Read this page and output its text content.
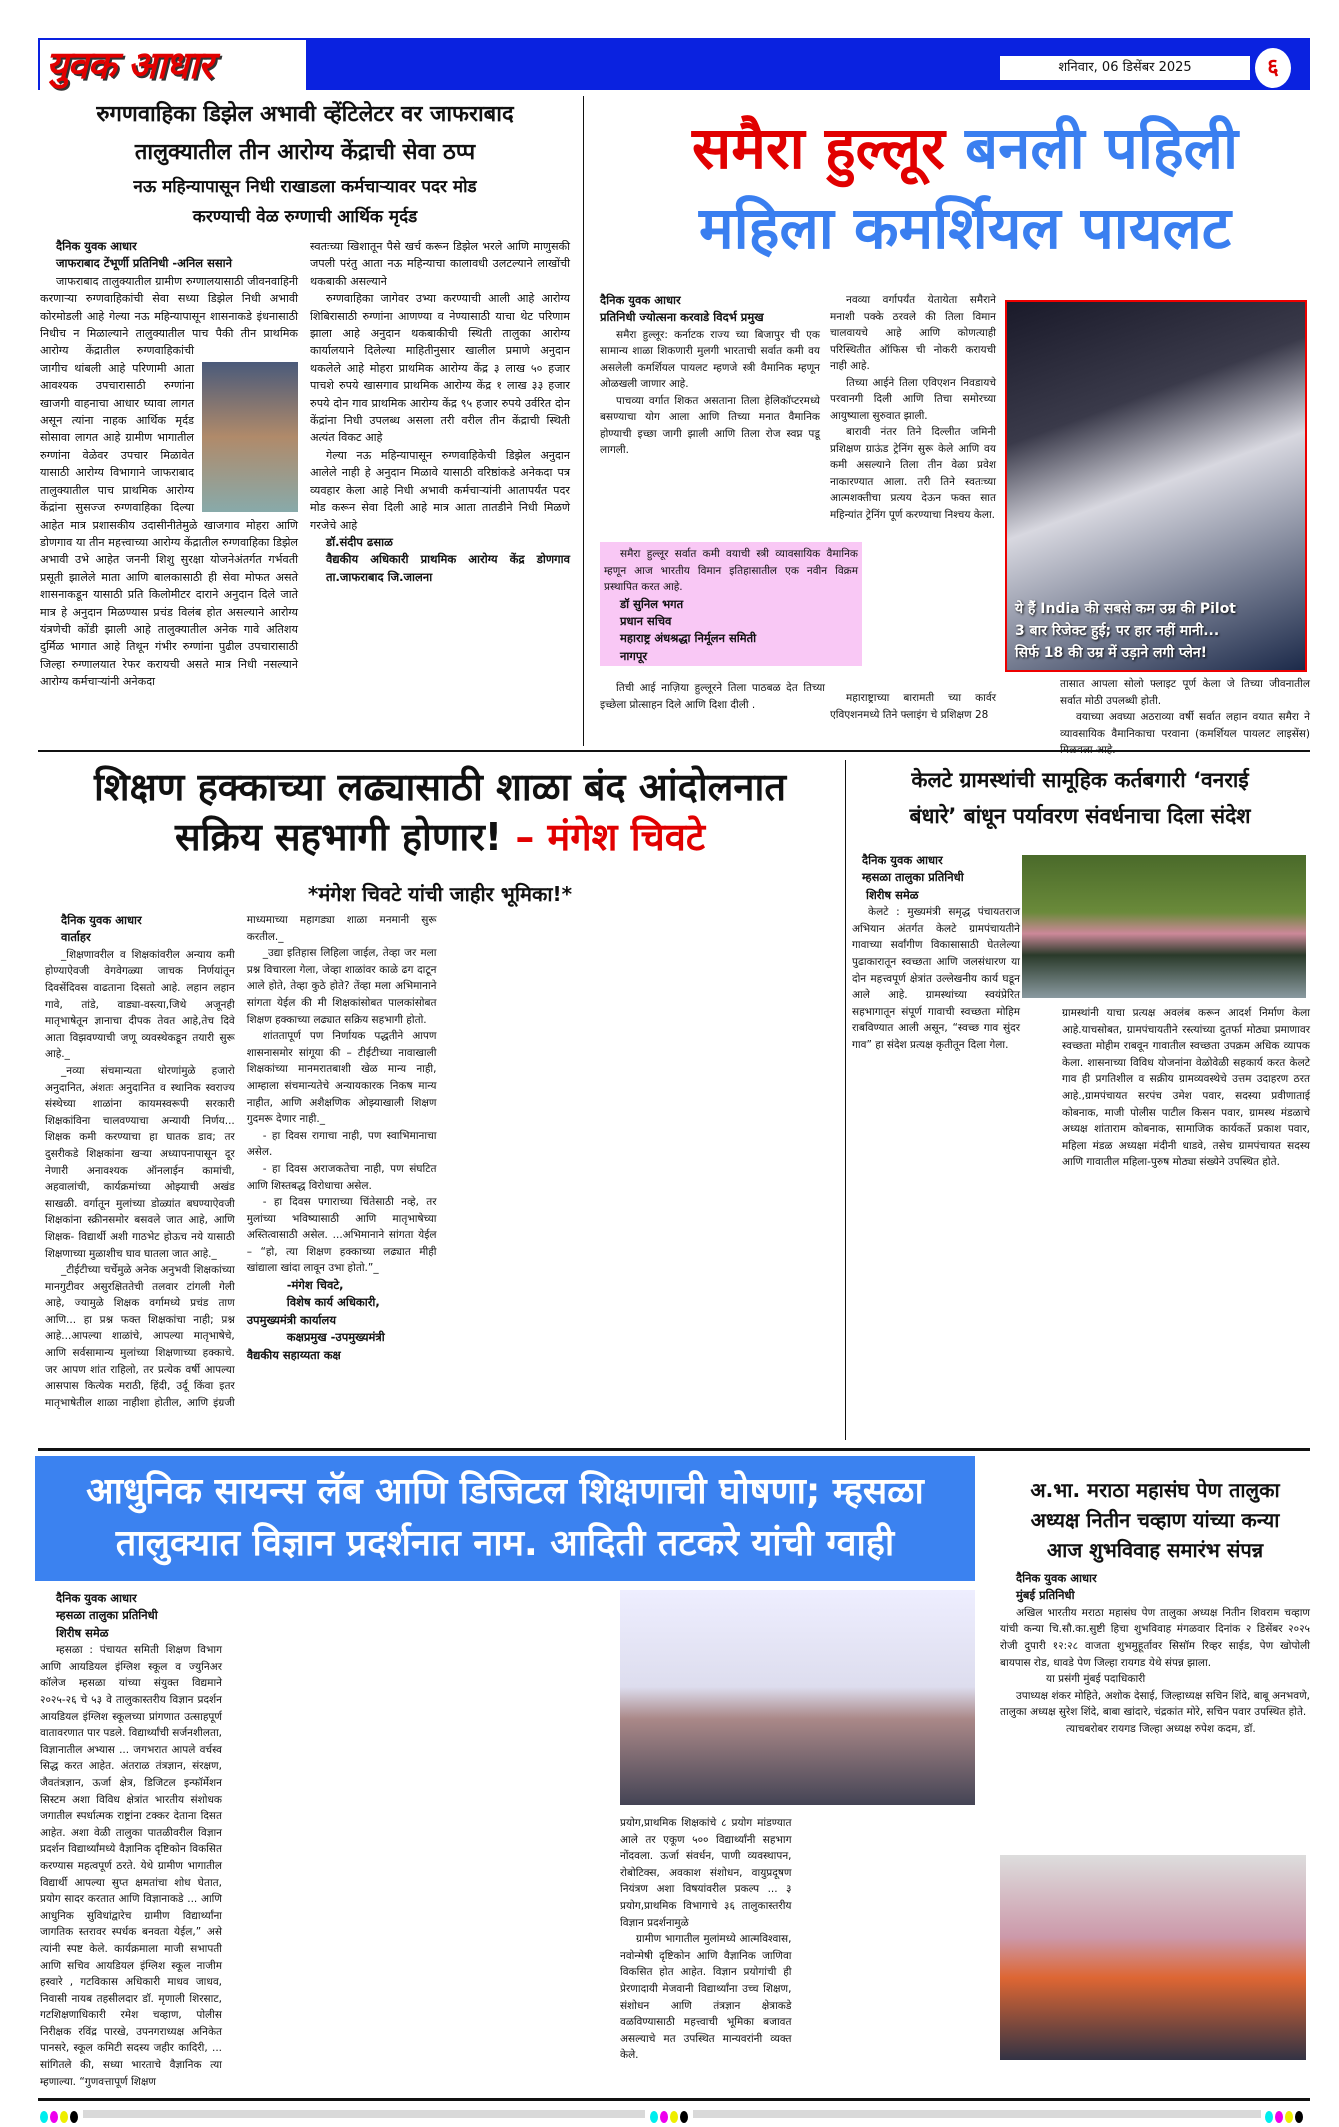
युवक आधार	शनिवार, 06 डिसेंबर 2025	६
रुगणवाहिका डिझेल अभावी व्हेंटिलेटर वर जाफराबाद
तालुक्यातील तीन आरोग्य केंद्राची सेवा ठप्प
नऊ महिन्यापासून निधी राखाडला कर्मचाऱ्यावर पदर मोड
करण्याची वेळ रुग्णाची आर्थिक मृर्दड
दैनिक युवक आधार
जाफराबाद टेंभूर्णी प्रतिनिधी -अनिल ससाने

जाफराबाद तालुक्यातील ग्रामीण रुग्णालयासाठी जीवनवाहिनी करणाऱ्या रुग्णवाहिकांची सेवा सध्या डिझेल निधी अभावी कोरमोडली आहे गेल्या नऊ महिन्यापासून शासनाकडे इंधनासाठी निधीच न मिळाल्याने तालुक्यातील पाच पैकी तीन प्राथमिक आरोग्य केंद्रातील रुग्णवाहिकांची जागीच थांबली आहे परिणामी आता आवश्यक उपचारासाठी रुग्णांना खाजगी वाहनाचा आधार घ्यावा लागत असून त्यांना नाहक आर्थिक मृर्दड सोसावा लागत आहे ग्रामीण भागातील रुग्णांना वेळेवर उपचार मिळावेत यासाठी आरोग्य विभागाने जाफराबाद तालुक्यातील पाच प्राथमिक आरोग्य केंद्रांना सुसज्ज रुग्णवाहिका दिल्या आहेत मात्र प्रशासकीय उदासीनीतेमुळे खाजगाव मोहरा आणि डोणगाव या तीन महत्त्वाच्या आरोग्य केंद्रातील रुग्णवाहिका डिझेल अभावी उभे आहेत जननी शिशु सुरक्षा योजनेअंतर्गत गर्भवती प्रसूती झालेले माता आणि बालकासाठी ही सेवा मोफत असते शासनाकडून यासाठी प्रति किलोमीटर दाराने अनुदान दिले जाते मात्र हे अनुदान मिळण्यास प्रचंड विलंब होत असल्याने आरोग्य यंत्रणेची कोंडी झाली आहे तालुक्यातील अनेक गावे अतिशय दुर्मिळ भागात आहे तिथून गंभीर रुग्णांना पुढील उपचारासाठी जिल्हा रुग्णालयात रेफर करायची असते मात्र निधी नसल्याने आरोग्य कर्मचाऱ्यांनी अनेकदा

स्वतःच्या खिशातून पैसे खर्च करून डिझेल भरले आणि माणुसकी जपली परंतु आता नऊ महिन्याचा कालावधी उलटल्याने लाखोंची थकबाकी असल्याने

रुग्णवाहिका जागेवर उभ्या करण्याची आली आहे आरोग्य शिबिरासाठी रुग्णांना आणण्या व नेण्यासाठी याचा थेट परिणाम झाला आहे अनुदान थकबाकीची स्थिती तालुका आरोग्य कार्यालयाने दिलेल्या माहितीनुसार खालील प्रमाणे अनुदान थकलेले आहे मोहरा प्राथमिक आरोग्य केंद्र ३ लाख ५० हजार पाचशे रुपये खासगाव प्राथमिक आरोग्य केंद्र १ लाख ३३ हजार रुपये दोन गाव प्राथमिक आरोग्य केंद्र ९५ हजार रुपये उर्वरित दोन केंद्रांना निधी उपलब्ध असला तरी वरील तीन केंद्राची स्थिती अत्यंत विकट आहे

गेल्या नऊ महिन्यापासून रुग्णवाहिकेची डिझेल अनुदान आलेले नाही हे अनुदान मिळावे यासाठी वरिष्ठांकडे अनेकदा पत्र व्यवहार केला आहे निधी अभावी कर्मचाऱ्यांनी आतापर्यंत पदर मोड करून सेवा दिली आहे मात्र आता तातडीने निधी मिळणे गरजेचे आहे

डॉ.संदीप ढसाळ
वैद्यकीय अधिकारी प्राथमिक आरोग्य केंद्र डोणगाव ता.जाफराबाद जि.जालना
समैरा हुल्लूर बनली पहिली
महिला कमर्शियल पायलट
दैनिक युवक आधार
प्रतिनिधी ज्योत्सना करवाडे विदर्भ प्रमुख

समैरा हुल्लूर: कर्नाटक राज्य च्या बिजापुर ची एक सामान्य शाळा शिकणारी मुलगी भारताची सर्वात कमी वय असलेली कमर्शियल पायलट म्हणजे स्त्री वैमानिक म्हणून ओळखली जाणार आहे.

पाचव्या वर्गात शिकत असताना तिला हेलिकॉप्टरमध्ये बसण्याचा योग आला आणि तिच्या मनात वैमानिक होण्याची इच्छा जागी झाली आणि तिला रोज स्वप्न पडू लागली.

नवव्या वर्गापर्यंत येतायेता समैराने मनाशी पक्के ठरवले की तिला विमान चालवायचे आहे आणि कोणत्याही परिस्थितीत ऑफिस ची नोकरी करायची नाही आहे.

तिच्या आईने तिला एविएशन निवडायचे परवानगी दिली आणि तिचा समोरच्या आयुष्याला सुरुवात झाली.

बारावी नंतर तिने दिल्लीत जमिनी प्रशिक्षण ग्राऊंड ट्रेनिंग सुरू केले आणि वय कमी असल्याने तिला तीन वेळा प्रवेश नाकारण्यात आला. तरी तिने स्वतःच्या आत्मशक्तीचा प्रत्यय देऊन फक्त सात महिन्यांत ट्रेनिंग पूर्ण करण्याचा निश्चय केला.

समैरा हुल्लूर सर्वात कमी वयाची स्त्री व्यावसायिक वैमानिक म्हणून आज भारतीय विमान इतिहासातील एक नवीन विक्रम प्रस्थापित करत आहे.

डॉ सुनिल भगत
प्रधान सचिव
महाराष्ट्र अंधश्रद्धा निर्मूलन समिती
नागपूर

तिची आई नाज़िया हुल्लूरने तिला पाठबळ देत तिच्या इच्छेला प्रोत्साहन दिले आणि दिशा दीली .

महाराष्ट्राच्या बारामती च्या कार्वर एविएशनमध्ये तिने फ्लाइंग चे प्रशिक्षण 28

ये हैं India की सबसे कम उम्र की Pilot
3 बार रिजेक्ट हुई; पर हार नहीं मानी...
सिर्फ 18 की उम्र में उड़ाने लगी प्लेन!

तासात आपला सोलो फ्लाइट पूर्ण केला जे तिच्या जीवनातील सर्वात मोठी उपलब्धी होती.

वयाच्या अवघ्या अठराव्या वर्षी सर्वात लहान वयात समैरा ने व्यावसायिक वैमानिकाचा परवाना (कमर्शियल पायलट लाइसेंस)

शिक्षण हक्काच्या लढ्यासाठी शाळा बंद आंदोलनात
सक्रिय सहभागी होणार! – मंगेश चिवटे
*मंगेश चिवटे यांची जाहीर भूमिका!*
दैनिक युवक आधार
वार्ताहर

_शिक्षणावरील व शिक्षकांवरील अन्याय कमी होण्याऐवजी वेगवेगळ्या जाचक निर्णयांतून दिवसेंदिवस वाढताना दिसतो आहे. लहान लहान गावे, तांडे, वाड्या-वस्त्या,जिथे अजूनही मातृभाषेतून ज्ञानाचा दीपक तेवत आहे,तेच दिवे आता विझवण्याची जणू व्यवस्थेकडून तयारी सुरू आहे._

_नव्या संचमान्यता धोरणांमुळे हजारो अनुदानित, अंशतः अनुदानित व स्थानिक स्वराज्य संस्थेच्या शाळांना कायमस्वरूपी सरकारी शिक्षकांविना चालवण्याचा अन्यायी निर्णय... शिक्षक कमी करण्याचा हा घातक डाव; तर दुसरीकडे शिक्षकांना खऱ्या अध्यापनापासून दूर नेणारी अनावश्यक ऑनलाईन कामांची, अहवालांची, कार्यक्रमांच्या ओझ्याची अखंड साखळी. वर्गातून मुलांच्या डोळ्यांत बघण्याऐवजी शिक्षकांना स्क्रीनसमोर बसवले जात आहे, आणि शिक्षक- विद्यार्थी अशी गाठभेट होऊच नये यासाठी शिक्षणाच्या मुळाशीच घाव घातला जात आहे._

_टीईटीच्या चर्चेमुळे अनेक अनुभवी शिक्षकांच्या मानगुटीवर असुरक्षिततेची तलवार टांगली गेली आहे, ज्यामुळे शिक्षक वर्गामध्ये प्रचंड ताण आणि... हा प्रश्न फक्त शिक्षकांचा नाही; प्रश्न आहे...आपल्या शाळांचे, आपल्या मातृभाषेचे, आणि सर्वसामान्य मुलांच्या शिक्षणाच्या हक्काचे. जर आपण शांत राहिलो, तर प्रत्येक वर्षी आपल्या आसपास कित्येक मराठी, हिंदी, उर्दू किंवा इतर मातृभाषेतील शाळा नाहीशा होतील, आणि इंग्रजी माध्यमाच्या महागड्या शाळा मनमानी सुरू करतील._

_उद्या इतिहास लिहिला जाईल, तेव्हा जर मला प्रश्न विचारला गेला, जेव्हा शाळांवर काळे ढग दाटून आले होते, तेव्हा कुठे होते? तेंव्हा मला अभिमानाने सांगता येईल की मी शिक्षकांसोबत पालकांसोबत शिक्षण हक्काच्या लढ्यात सक्रिय सहभागी होतो.

शांततापूर्ण पण निर्णायक पद्धतीने आपण शासनासमोर सांगूया की – टीईटीच्या नावाखाली शिक्षकांच्या मानमरातबाशी खेळ मान्य नाही, आम्हाला संचमान्यतेचे अन्यायकारक निकष मान्य नाहीत, आणि अशैक्षणिक ओझ्याखाली शिक्षण गुदमरू देणार नाही._

- हा दिवस रागाचा नाही, पण स्वाभिमानाचा असेल.

- हा दिवस अराजकतेचा नाही, पण संघटित आणि शिस्तबद्ध विरोधाचा असेल.

- हा दिवस पगाराच्या चिंतेसाठी नव्हे, तर मुलांच्या भविष्यासाठी आणि मातृभाषेच्या अस्तित्वासाठी असेल. ...अभिमानाने सांगता येईल – “हो, त्या शिक्षण हक्काच्या लढ्यात मीही खांद्याला खांदा लावून उभा होतो.”_

-मंगेश चिवटे,
विशेष कार्य अधिकारी,
उपमुख्यमंत्री कार्यालय
कक्षप्रमुख -उपमुख्यमंत्री
वैद्यकीय सहाय्यता कक्ष
केलटे ग्रामस्थांची सामूहिक कर्तबगारी ‘वनराई
बंधारे’ बांधून पर्यावरण संवर्धनाचा दिला संदेश
दैनिक युवक आधार
म्हसळा तालुका प्रतिनिधी
शिरीष समेळ

केलटे : मुख्यमंत्री समृद्ध पंचायतराज अभियान अंतर्गत केलटे ग्रामपंचायतीने गावाच्या सर्वांगीण विकासासाठी घेतलेल्या पुढाकारातून स्वच्छता आणि जलसंधारण या दोन महत्त्वपूर्ण क्षेत्रांत उल्लेखनीय कार्य घडून आले आहे. ग्रामस्थांच्या स्वयंप्रेरित सहभागातून संपूर्ण गावाची स्वच्छता मोहिम राबविण्यात आली असून, “स्वच्छ गाव सुंदर गाव” हा संदेश प्रत्यक्ष कृतीतून दिला गेला.

ग्रामस्थांनी याचा प्रत्यक्ष अवलंब करून आदर्श निर्माण केला आहे.याचसोबत, ग्रामपंचायतीने रस्त्यांच्या दुतर्फा मोठ्या प्रमाणावर स्वच्छता मोहीम राबवून गावातील स्वच्छता उपक्रम अधिक व्यापक केला. शासनाच्या विविध योजनांना वेळोवेळी सहकार्य करत केलटे गाव ही प्रगतिशील व सक्रीय ग्रामव्यवस्थेचे उत्तम उदाहरण ठरत आहे.,ग्रामपंचायत सरपंच उमेश पवार, सदस्या प्रवीणाताई कोबनाक, माजी पोलीस पाटील किसन पवार, ग्रामस्थ मंडळाचे अध्यक्ष शांताराम कोबनाक, सामाजिक कार्यकर्ते प्रकाश पवार, महिला मंडळ अध्यक्षा मंदीनी धाडवे, तसेच ग्रामपंचायत सदस्य आणि गावातील महिला-पुरुष मोठ्या संख्येने उपस्थित होते.

आधुनिक सायन्स लॅब आणि डिजिटल शिक्षणाची घोषणा; म्हसळा
तालुक्यात विज्ञान प्रदर्शनात नाम. आदिती तटकरे यांची ग्वाही
दैनिक युवक आधार
म्हसळा तालुका प्रतिनिधी
शिरीष समेळ

म्हसळा : पंचायत समिती शिक्षण विभाग आणि आयडियल इंग्लिश स्कूल व ज्युनिअर कॉलेज म्हसळा यांच्या संयुक्त विद्यमाने २०२५-२६ चे ५३ वे तालुकास्तरीय विज्ञान प्रदर्शन आयडियल इंग्लिश स्कूलच्या प्रांगणात उत्साहपूर्ण वातावरणात पार पडले. विद्यार्थ्यांची सर्जनशीलता, विज्ञानातील अभ्यास ... जगभरात आपले वर्चस्व सिद्ध करत आहेत. अंतराळ तंत्रज्ञान, संरक्षण, जैवतंत्रज्ञान, ऊर्जा क्षेत्र, डिजिटल इन्फॉर्मेशन सिस्टम अशा विविध क्षेत्रांत भारतीय संशोधक जगातील स्पर्धात्मक राष्ट्रांना टक्कर देताना दिसत आहेत. अशा वेळी तालुका पातळीवरील विज्ञान प्रदर्शन विद्यार्थ्यांमध्ये वैज्ञानिक दृष्टिकोन विकसित करण्यास महत्वपूर्ण ठरते. येथे ग्रामीण भागातील विद्यार्थी आपल्या सुप्त क्षमतांचा शोध घेतात, प्रयोग सादर करतात आणि विज्ञानाकडे ... आणि आधुनिक सुविधांद्वारेच ग्रामीण विद्यार्थ्यांना जागतिक स्तरावर स्पर्धक बनवता येईल,” असे त्यांनी स्पष्ट केले. कार्यक्रमाला माजी सभापती आणि सचिव आयडियल इंग्लिश स्कूल नाजीम हस्वारे , गटविकास अधिकारी माधव जाधव, निवासी नायब तहसीलदार डॉ. मृणाली शिरसाट, गटशिक्षणाधिकारी रमेश चव्हाण, पोलीस निरीक्षक रविंद्र पारखे, उपनगराध्यक्ष अनिकेत पानसरे, स्कूल कमिटी सदस्य जहीर कादिरी, ... सांगितले की, सध्या भारताचे वैज्ञानिक त्या म्हणाल्या. “गुणवत्तापूर्ण शिक्षण

प्रयोग,प्राथमिक शिक्षकांचे ८ प्रयोग मांडण्यात आले तर एकूण ५०० विद्यार्थ्यांनी सहभाग नोंदवला. ऊर्जा संवर्धन, पाणी व्यवस्थापन, रोबोटिक्स, अवकाश संशोधन, वायुप्रदूषण नियंत्रण अशा विषयांवरील प्रकल्प ... ३ प्रयोग,प्राथमिक विभागाचे ३६ तालुकास्तरीय विज्ञान प्रदर्शनामुळे

ग्रामीण भागातील मुलांमध्ये आत्मविश्वास, नवोन्मेषी दृष्टिकोन आणि वैज्ञानिक जाणिवा विकसित होत आहेत. विज्ञान प्रयोगांची ही प्रेरणादायी मेजवानी विद्यार्थ्यांना उच्च शिक्षण, संशोधन आणि तंत्रज्ञान क्षेत्राकडे वळविण्यासाठी महत्त्वाची भूमिका बजावत असल्याचे मत उपस्थित मान्यवरांनी व्यक्त केले.

अ.भा. मराठा महासंघ पेण तालुका
अध्यक्ष नितीन चव्हाण यांच्या कन्या
आज शुभविवाह समारंभ संपन्न
दैनिक युवक आधार
मुंबई प्रतिनिधी

अखिल भारतीय मराठा महासंघ पेण तालुका अध्यक्ष नितीन शिवराम चव्हाण यांची कन्या चि.सौ.का.सुष्टी हिचा शुभविवाह मंगळवार दिनांक २ डिसेंबर २०२५ रोजी दुपारी १२:२८ वाजता शुभमुहूर्तावर सिसॉम रिव्हर साईड, पेण खोपोली बायपास रोड, धावडे पेण जिल्हा रायगड येथे संपन्न झाला.

या प्रसंगी मुंबई पदाधिकारी

उपाध्यक्ष शंकर मोहिते, अशोक देसाई, जिल्हाध्यक्ष सचिन शिंदे, बाबू अनभवणे, तालुका अध्यक्ष सुरेश शिंदे, बाबा खांदारे, चंद्रकांत मोरे, सचिन पवार उपस्थित होते.

त्याचबरोबर रायगड जिल्हा अध्यक्ष रुपेश कदम, डॉ.
